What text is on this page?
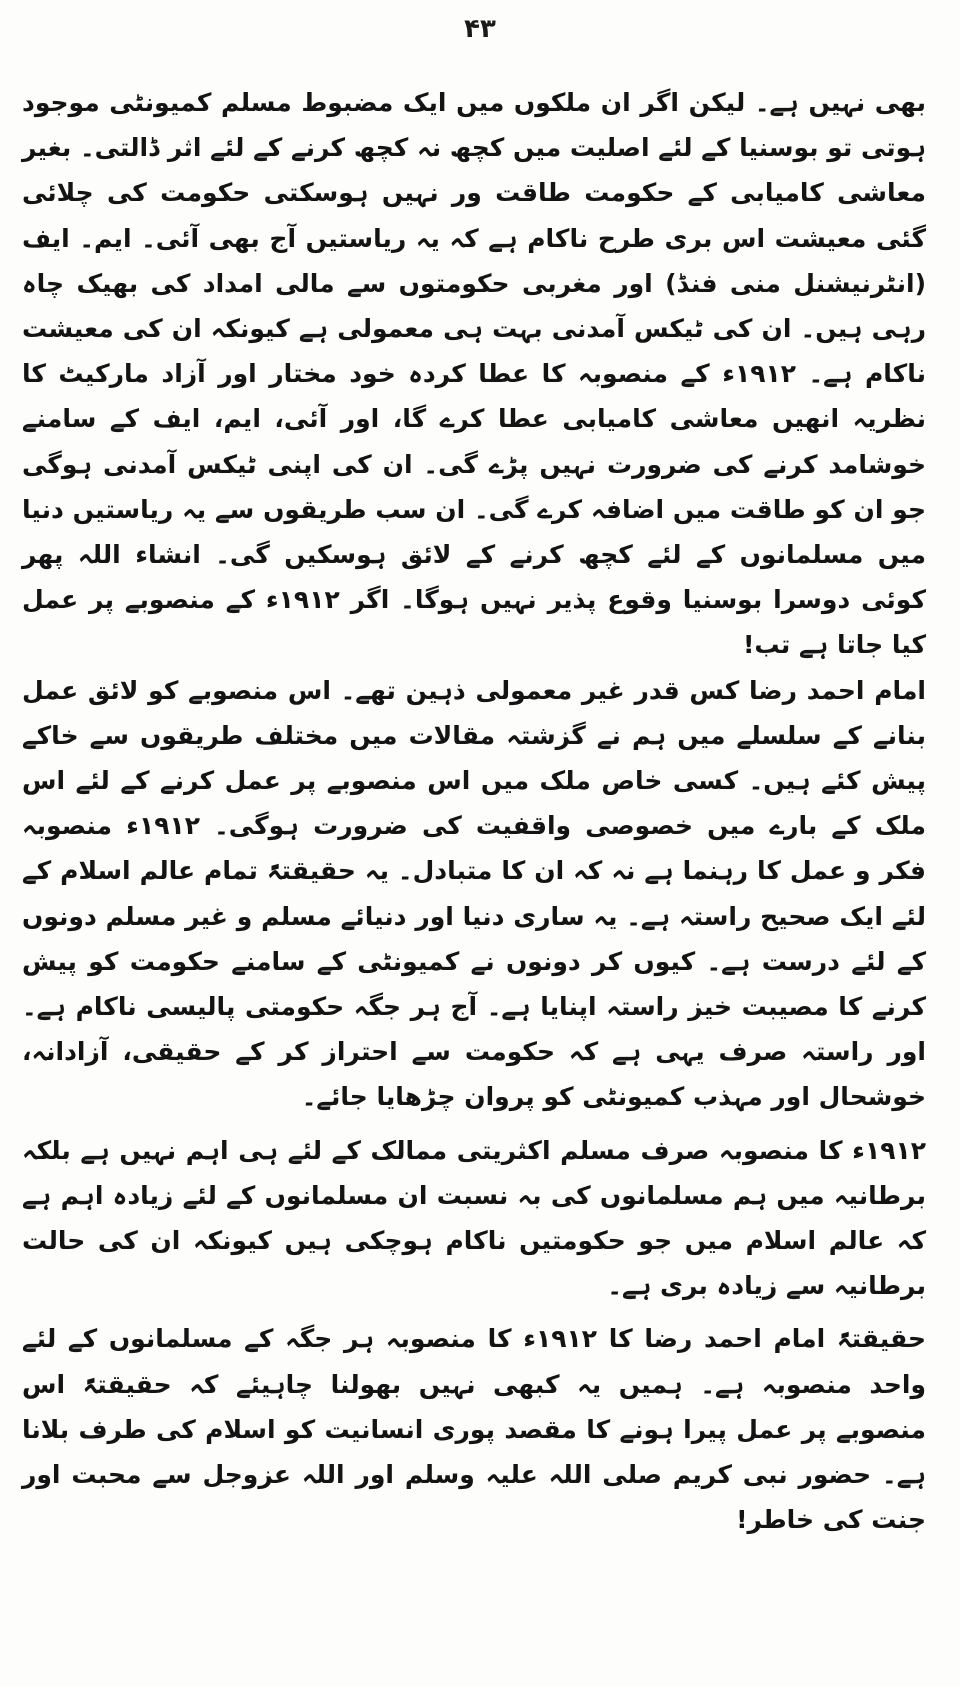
۴۳

بھی نہیں ہے۔ لیکن اگر ان ملکوں میں ایک مضبوط مسلم کمیونٹی موجود ہوتی تو بوسنیا کے لئے اصلیت میں کچھ نہ کچھ کرنے کے لئے اثر ڈالتی۔ بغیر معاشی کامیابی کے حکومت طاقت ور نہیں ہوسکتی حکومت کی چلائی گئی معیشت اس بری طرح ناکام ہے کہ یہ ریاستیں آج بھی آئی۔ ایم۔ ایف (انٹرنیشنل منی فنڈ) اور مغربی حکومتوں سے مالی امداد کی بھیک چاہ رہی ہیں۔ ان کی ٹیکس آمدنی بہت ہی معمولی ہے کیونکہ ان کی معیشت ناکام ہے۔ ۱۹۱۲ء کے منصوبہ کا عطا کردہ خود مختار اور آزاد مارکیٹ کا نظریہ انھیں معاشی کامیابی عطا کرے گا، اور آئی، ایم، ایف کے سامنے خوشامد کرنے کی ضرورت نہیں پڑے گی۔ ان کی اپنی ٹیکس آمدنی ہوگی جو ان کو طاقت میں اضافہ کرے گی۔ ان سب طریقوں سے یہ ریاستیں دنیا میں مسلمانوں کے لئے کچھ کرنے کے لائق ہوسکیں گی۔ انشاء اللہ پھر کوئی دوسرا بوسنیا وقوع پذیر نہیں ہوگا۔ اگر ۱۹۱۲ء کے منصوبے پر عمل کیا جاتا ہے تب!

امام احمد رضا کس قدر غیر معمولی ذہین تھے۔ اس منصوبے کو لائق عمل بنانے کے سلسلے میں ہم نے گزشتہ مقالات میں مختلف طریقوں سے خاکے پیش کئے ہیں۔ کسی خاص ملک میں اس منصوبے پر عمل کرنے کے لئے اس ملک کے بارے میں خصوصی واقفیت کی ضرورت ہوگی۔ ۱۹۱۲ء منصوبہ فکر و عمل کا رہنما ہے نہ کہ ان کا متبادل۔ یہ حقیقتہً تمام عالم اسلام کے لئے ایک صحیح راستہ ہے۔ یہ ساری دنیا اور دنیائے مسلم و غیر مسلم دونوں کے لئے درست ہے۔ کیوں کر دونوں نے کمیونٹی کے سامنے حکومت کو پیش کرنے کا مصیبت خیز راستہ اپنایا ہے۔ آج ہر جگہ حکومتی پالیسی ناکام ہے۔ اور راستہ صرف یہی ہے کہ حکومت سے احتراز کر کے حقیقی، آزادانہ، خوشحال اور مہذب کمیونٹی کو پروان چڑھایا جائے۔

۱۹۱۲ء کا منصوبہ صرف مسلم اکثریتی ممالک کے لئے ہی اہم نہیں ہے بلکہ برطانیہ میں ہم مسلمانوں کی بہ نسبت ان مسلمانوں کے لئے زیادہ اہم ہے کہ عالم اسلام میں جو حکومتیں ناکام ہوچکی ہیں کیونکہ ان کی حالت برطانیہ سے زیادہ بری ہے۔

حقیقتہً امام احمد رضا کا ۱۹۱۲ء کا منصوبہ ہر جگہ کے مسلمانوں کے لئے واحد منصوبہ ہے۔ ہمیں یہ کبھی نہیں بھولنا چاہیئے کہ حقیقتہً اس منصوبے پر عمل پیرا ہونے کا مقصد پوری انسانیت کو اسلام کی طرف بلانا ہے۔ حضور نبی کریم صلی اللہ علیہ وسلم اور اللہ عزوجل سے محبت اور جنت کی خاطر!
